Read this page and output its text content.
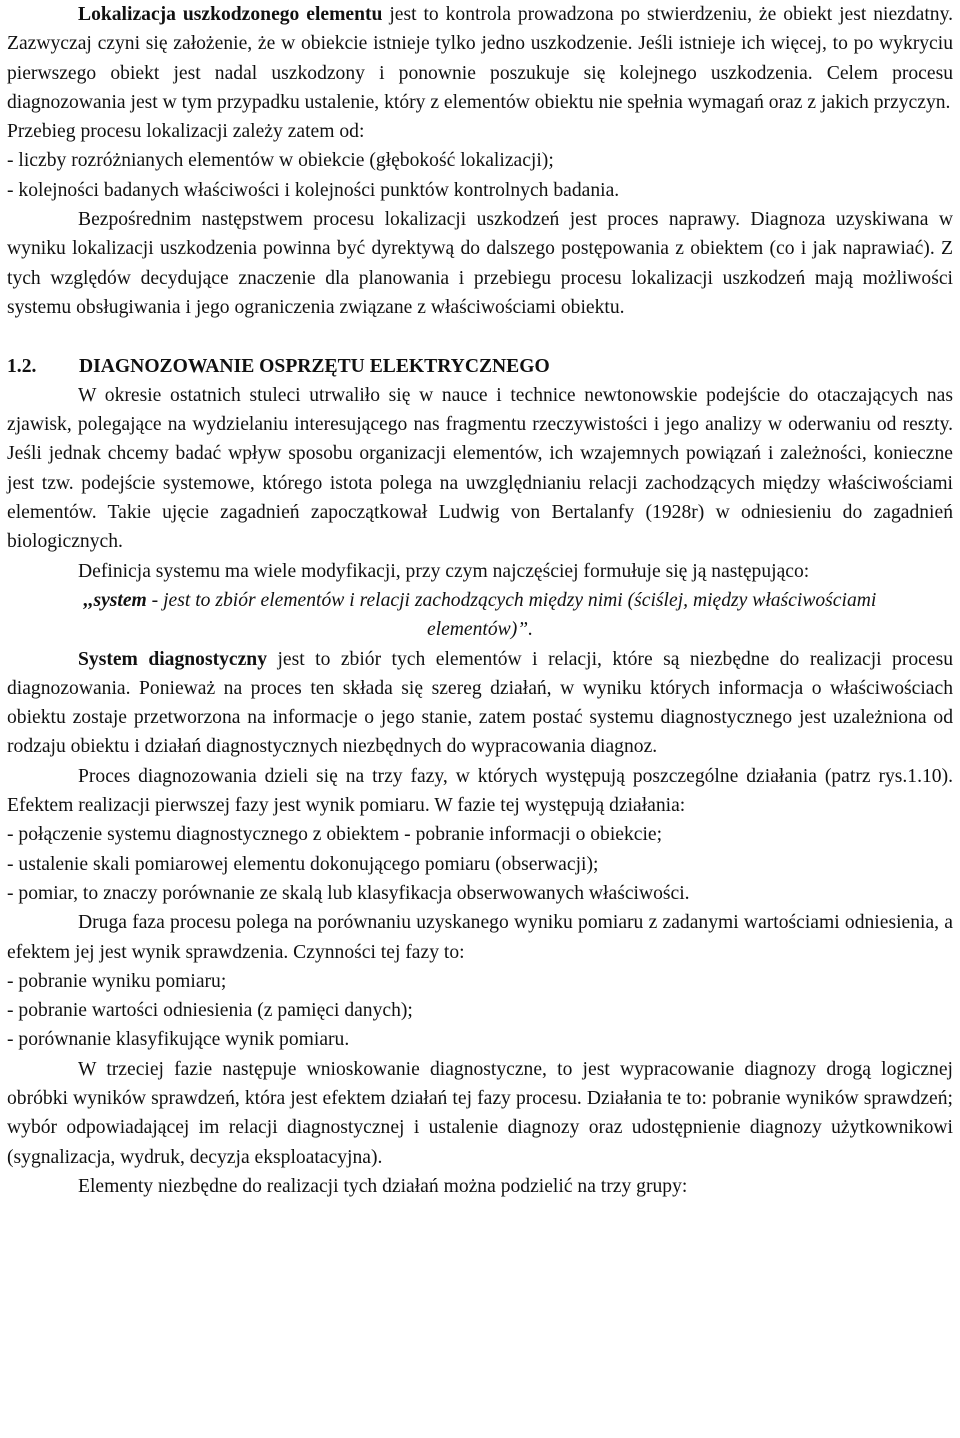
Lokalizacja uszkodzonego elementu jest to kontrola prowadzona po stwierdzeniu, że obiekt jest niezdatny. Zazwyczaj czyni się założenie, że w obiekcie istnieje tylko jedno uszkodzenie. Jeśli istnieje ich więcej, to po wykryciu pierwszego obiekt jest nadal uszkodzony i ponownie poszukuje się kolejnego uszkodzenia. Celem procesu diagnozowania jest w tym przypadku ustalenie, który z elementów obiektu nie spełnia wymagań oraz z jakich przyczyn.

Przebieg procesu lokalizacji zależy zatem od:

- liczby rozróżnianych elementów w obiekcie (głębokość lokalizacji);

- kolejności badanych właściwości i kolejności punktów kontrolnych badania.

Bezpośrednim następstwem procesu lokalizacji uszkodzeń jest proces naprawy. Diagnoza uzyskiwana w wyniku lokalizacji uszkodzenia powinna być dyrektywą do dalszego postępowania z obiektem (co i jak naprawiać). Z tych względów decydujące znaczenie dla planowania i przebiegu procesu lokalizacji uszkodzeń mają możliwości systemu obsługiwania i jego ograniczenia związane z właściwościami obiektu.

1.2. DIAGNOZOWANIE OSPRZĘTU ELEKTRYCZNEGO

W okresie ostatnich stuleci utrwaliło się w nauce i technice newtonowskie podejście do otaczających nas zjawisk, polegające na wydzielaniu interesującego nas fragmentu rzeczywistości i jego analizy w oderwaniu od reszty. Jeśli jednak chcemy badać wpływ sposobu organizacji elementów, ich wzajemnych powiązań i zależności, konieczne jest tzw. podejście systemowe, którego istota polega na uwzględnianiu relacji zachodzących między właściwościami elementów. Takie ujęcie zagadnień zapoczątkował Ludwig von Bertalanfy (1928r) w odniesieniu do zagadnień biologicznych.

Definicja systemu ma wiele modyfikacji, przy czym najczęściej formułuje się ją następująco:

,,system - jest to zbiór elementów i relacji zachodzących między nimi (ściślej, między właściwościami elementów)”.

System diagnostyczny jest to zbiór tych elementów i relacji, które są niezbędne do realizacji procesu diagnozowania. Ponieważ na proces ten składa się szereg działań, w wyniku których informacja o właściwościach obiektu zostaje przetworzona na informacje o jego stanie, zatem postać systemu diagnostycznego jest uzależniona od rodzaju obiektu i działań diagnostycznych niezbędnych do wypracowania diagnoz.

Proces diagnozowania dzieli się na trzy fazy, w których występują poszczególne działania (patrz rys.1.10). Efektem realizacji pierwszej fazy jest wynik pomiaru. W fazie tej występują działania:

- połączenie systemu diagnostycznego z obiektem - pobranie informacji o obiekcie;

- ustalenie skali pomiarowej elementu dokonującego pomiaru (obserwacji);

- pomiar, to znaczy porównanie ze skalą lub klasyfikacja obserwowanych właściwości.

Druga faza procesu polega na porównaniu uzyskanego wyniku pomiaru z zadanymi wartościami odniesienia, a efektem jej jest wynik sprawdzenia. Czynności tej fazy to:

- pobranie wyniku pomiaru;

- pobranie wartości odniesienia (z pamięci danych);

- porównanie klasyfikujące wynik pomiaru.

W trzeciej fazie następuje wnioskowanie diagnostyczne, to jest wypracowanie diagnozy drogą logicznej obróbki wyników sprawdzeń, która jest efektem działań tej fazy procesu. Działania te to: pobranie wyników sprawdzeń; wybór odpowiadającej im relacji diagnostycznej i ustalenie diagnozy oraz udostępnienie diagnozy użytkownikowi (sygnalizacja, wydruk, decyzja eksploatacyjna).

Elementy niezbędne do realizacji tych działań można podzielić na trzy grupy:
